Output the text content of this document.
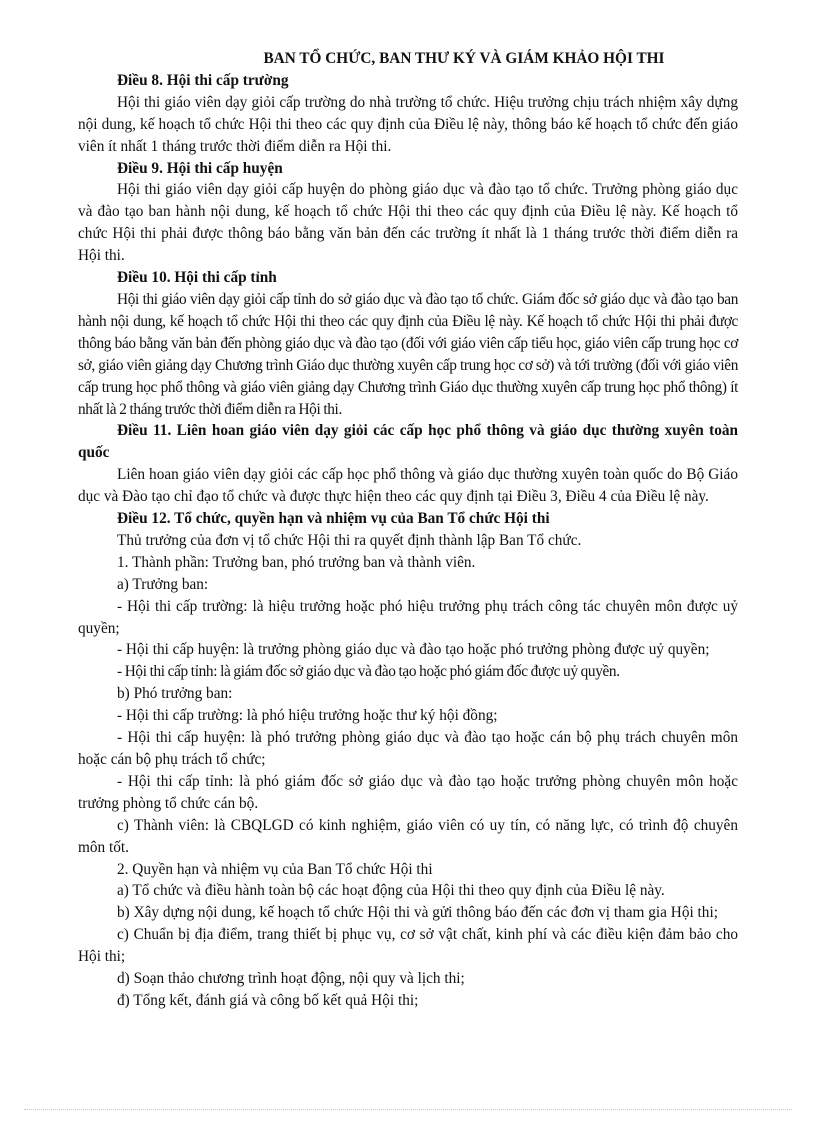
BAN TỔ CHỨC, BAN THƯ KÝ VÀ GIÁM KHẢO HỘI THI
Điều 8. Hội thi cấp trường

Hội thi giáo viên dạy giỏi cấp trường do nhà trường tổ chức. Hiệu trưởng chịu trách nhiệm xây dựng nội dung, kế hoạch tổ chức Hội thi theo các quy định của Điều lệ này, thông báo kế hoạch tổ chức đến giáo viên ít nhất 1 tháng trước thời điểm diễn ra Hội thi.

Điều 9. Hội thi cấp huyện

Hội thi giáo viên dạy giỏi cấp huyện do phòng giáo dục và đào tạo tổ chức. Trưởng phòng giáo dục và đào tạo ban hành nội dung, kế hoạch tổ chức Hội thi theo các quy định của Điều lệ này. Kế hoạch tổ chức Hội thi phải được thông báo bằng văn bản đến các trường ít nhất là 1 tháng trước thời điểm diễn ra Hội thi.

Điều 10. Hội thi cấp tỉnh

Hội thi giáo viên dạy giỏi cấp tỉnh do sở giáo dục và đào tạo tổ chức. Giám đốc sở giáo dục và đào tạo ban hành nội dung, kế hoạch tổ chức Hội thi theo các quy định của Điều lệ này. Kế hoạch tổ chức Hội thi phải được thông báo bằng văn bản đến phòng giáo dục và đào tạo (đối với giáo viên cấp tiểu học, giáo viên cấp trung học cơ sở, giáo viên giảng dạy Chương trình Giáo dục thường xuyên cấp trung học cơ sở) và tới trường (đối với giáo viên cấp trung học phổ thông và giáo viên giảng dạy Chương trình Giáo dục thường xuyên cấp trung học phổ thông) ít nhất là 2 tháng trước thời điểm diễn ra Hội thi.

Điều 11. Liên hoan giáo viên dạy giỏi các cấp học phổ thông và giáo dục thường xuyên toàn quốc

Liên hoan giáo viên dạy giỏi các cấp học phổ thông và giáo dục thường xuyên toàn quốc do Bộ Giáo dục và Đào tạo chỉ đạo tổ chức và được thực hiện theo các quy định tại Điều 3, Điều 4 của Điều lệ này.

Điều 12. Tổ chức, quyền hạn và nhiệm vụ của Ban Tổ chức Hội thi

Thủ trưởng của đơn vị tổ chức Hội thi ra quyết định thành lập Ban Tổ chức.

1. Thành phần: Trưởng ban, phó trưởng ban và thành viên.

a) Trưởng ban:

- Hội thi cấp trường: là hiệu trưởng hoặc phó hiệu trưởng phụ trách công tác chuyên môn được uỷ quyền;

- Hội thi cấp huyện: là trưởng phòng giáo dục và đào tạo hoặc phó trưởng phòng được uỷ quyền;

- Hội thi cấp tỉnh: là giám đốc sở giáo dục và đào tạo hoặc phó giám đốc được uỷ quyền.

b) Phó trưởng ban:

- Hội thi cấp trường: là phó hiệu trưởng hoặc thư ký hội đồng;

- Hội thi cấp huyện: là phó trưởng phòng giáo dục và đào tạo hoặc cán bộ phụ trách chuyên môn hoặc cán bộ phụ trách tổ chức;

- Hội thi cấp tỉnh: là phó giám đốc sở giáo dục và đào tạo hoặc trưởng phòng chuyên môn hoặc trưởng phòng tổ chức cán bộ.

c) Thành viên: là CBQLGD có kinh nghiệm, giáo viên có uy tín, có năng lực, có trình độ chuyên môn tốt.

2. Quyền hạn và nhiệm vụ của Ban Tổ chức Hội thi

a) Tổ chức và điều hành toàn bộ các hoạt động của Hội thi theo quy định của Điều lệ này.

b) Xây dựng nội dung, kế hoạch tổ chức Hội thi và gửi thông báo đến các đơn vị tham gia Hội thi;

c) Chuẩn bị địa điểm, trang thiết bị phục vụ, cơ sở vật chất, kinh phí và các điều kiện đảm bảo cho Hội thi;

d) Soạn thảo chương trình hoạt động, nội quy và lịch thi;

đ) Tổng kết, đánh giá và công bố kết quả Hội thi;
